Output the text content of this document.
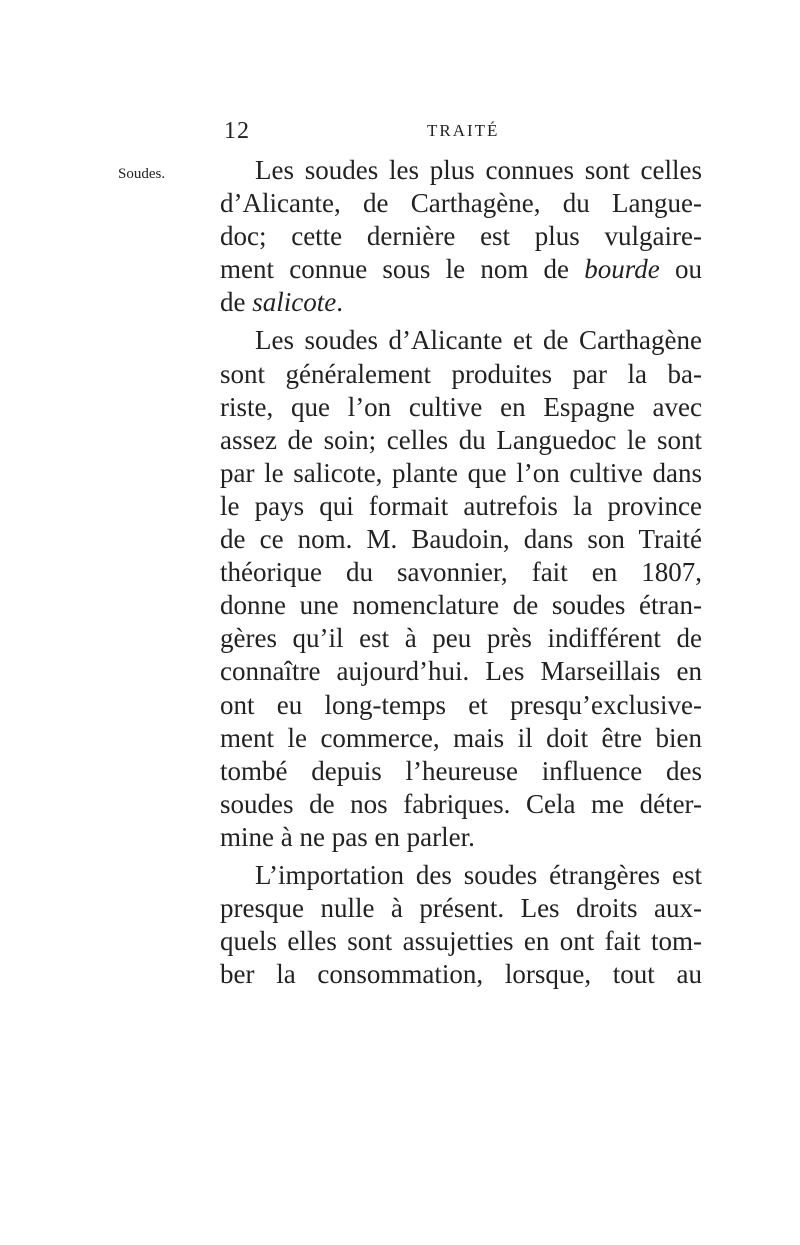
12	TRAITÉ
Soudes.	Les soudes les plus connues sont celles
d’Alicante, de Carthagène, du Langue-
doc; cette dernière est plus vulgaire-
ment connue sous le nom de bourde ou
de salicote.
Les soudes d’Alicante et de Carthagène
sont généralement produites par la ba-
riste, que l’on cultive en Espagne avec
assez de soin; celles du Languedoc le sont
par le salicote, plante que l’on cultive dans
le pays qui formait autrefois la province
de ce nom. M. Baudoin, dans son Traité
théorique du savonnier, fait en 1807,
donne une nomenclature de soudes étran-
gères qu’il est à peu près indifférent de
connaître aujourd’hui. Les Marseillais en
ont eu long-temps et presqu’exclusive-
ment le commerce, mais il doit être bien
tombé depuis l’heureuse influence des
soudes de nos fabriques. Cela me déter-
mine à ne pas en parler.
L’importation des soudes étrangères est
presque nulle à présent. Les droits aux-
quels elles sont assujetties en ont fait tom-
ber la consommation, lorsque, tout au
